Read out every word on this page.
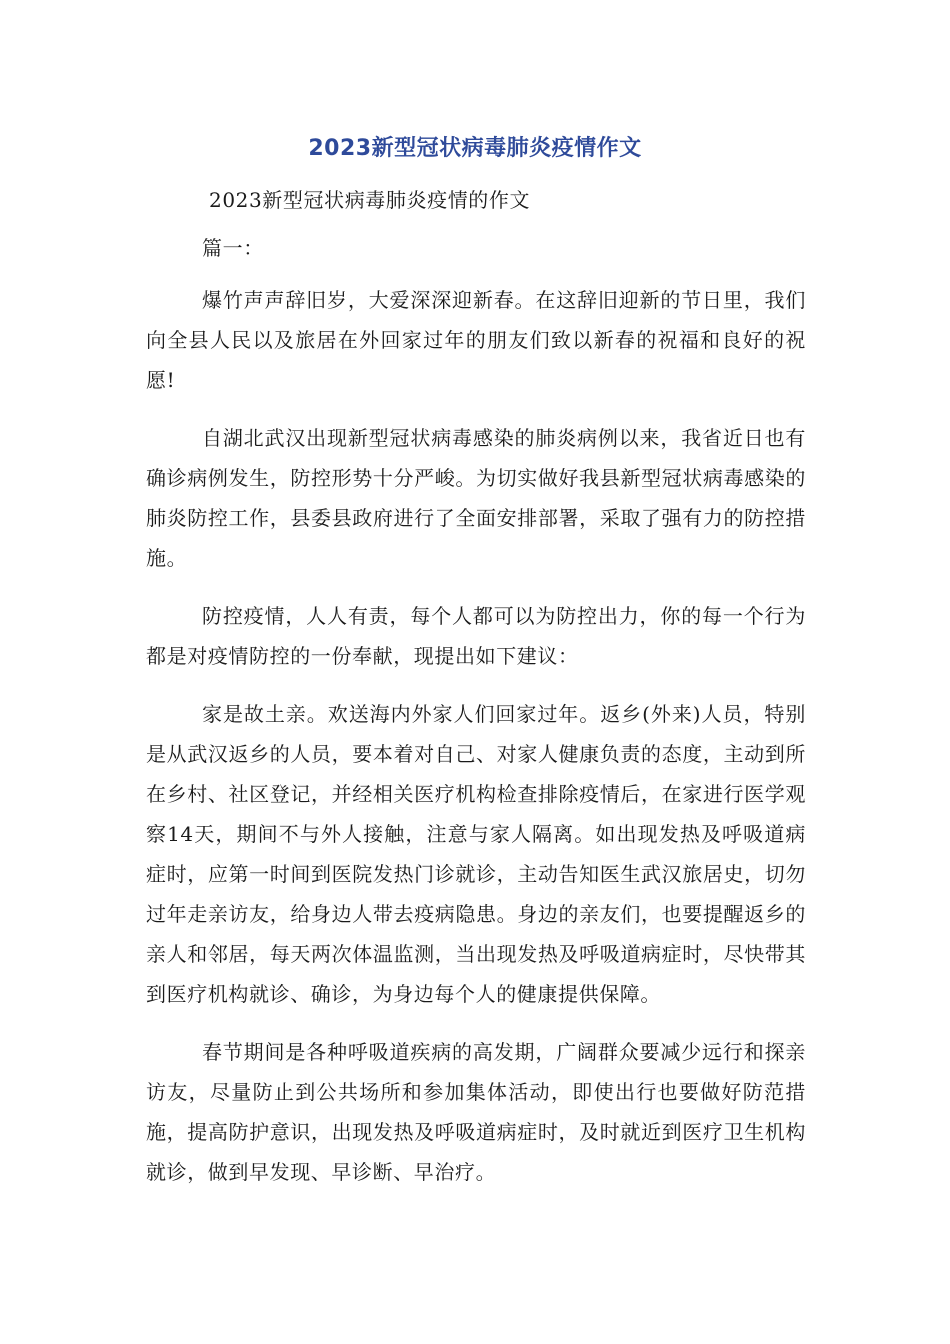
2023新型冠状病毒肺炎疫情作文
2023新型冠状病毒肺炎疫情的作文
篇一：

爆竹声声辞旧岁，大爱深深迎新春。在这辞旧迎新的节日里，我们向全县人民以及旅居在外回家过年的朋友们致以新春的祝福和良好的祝愿!

自湖北武汉出现新型冠状病毒感染的肺炎病例以来，我省近日也有确诊病例发生，防控形势十分严峻。为切实做好我县新型冠状病毒感染的肺炎防控工作，县委县政府进行了全面安排部署，采取了强有力的防控措施。

防控疫情，人人有责，每个人都可以为防控出力，你的每一个行为都是对疫情防控的一份奉献，现提出如下建议：

家是故土亲。欢送海内外家人们回家过年。返乡(外来)人员，特别是从武汉返乡的人员，要本着对自己、对家人健康负责的态度，主动到所在乡村、社区登记，并经相关医疗机构检查排除疫情后，在家进行医学观察14天，期间不与外人接触，注意与家人隔离。如出现发热及呼吸道病症时，应第一时间到医院发热门诊就诊，主动告知医生武汉旅居史，切勿过年走亲访友，给身边人带去疫病隐患。身边的亲友们，也要提醒返乡的亲人和邻居，每天两次体温监测，当出现发热及呼吸道病症时，尽快带其到医疗机构就诊、确诊，为身边每个人的健康提供保障。

春节期间是各种呼吸道疾病的高发期，广阔群众要减少远行和探亲访友，尽量防止到公共场所和参加集体活动，即使出行也要做好防范措施，提高防护意识，出现发热及呼吸道病症时，及时就近到医疗卫生机构就诊，做到早发现、早诊断、早治疗。
